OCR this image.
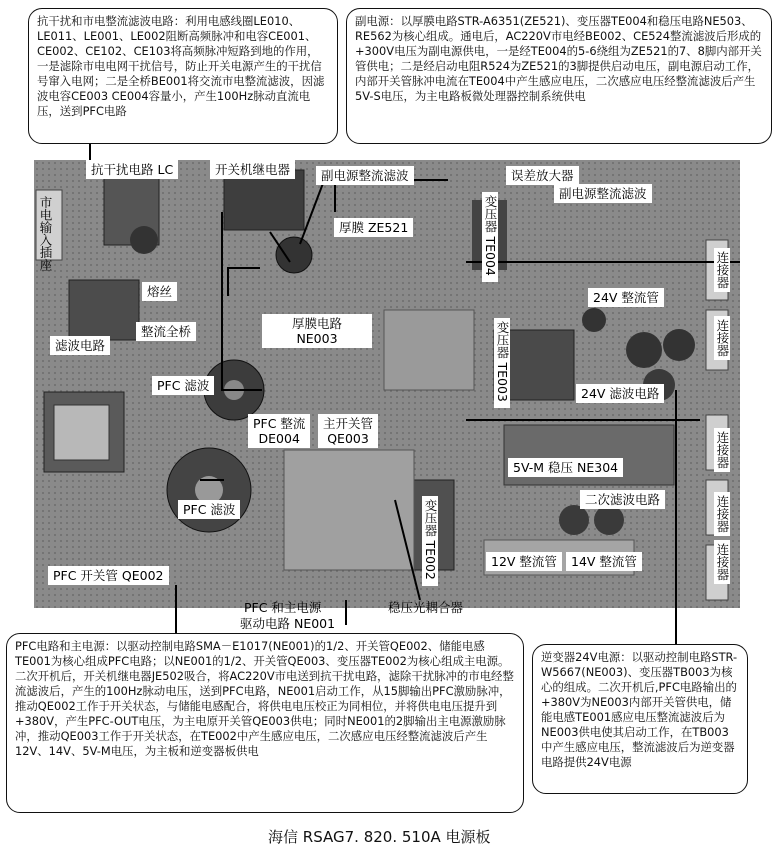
抗干扰和市电整流滤波电路：利用电感线圈LE010、LE011、LE001、LE002阻断高频脉冲和电容CE001、CE002、CE102、CE103将高频脉冲短路到地的作用，一是滤除市电电网干扰信号，防止开关电源产生的干扰信号窜入电网；二是全桥BE001将交流市电整流滤波，因滤波电容CE003 CE004容量小，产生100Hz脉动直流电压，送到PFC电路
副电源：以厚膜电路STR-A6351(ZE521)、变压器TE004和稳压电路NE503、RE562为核心组成。通电后，AC220V市电经BE002、CE524整流滤波后形成的+300V电压为副电源供电，一是经TE004的5-6绕组为ZE521的7、8脚内部开关管供电；二是经启动电阻R524为ZE521的3脚提供启动电压，副电源启动工作，内部开关管脉冲电流在TE004中产生感应电压，二次感应电压经整流滤波后产生5V-S电压，为主电路板微处理器控制系统供电
抗干扰电路 LC	开关机继电器	副电源整流滤波	误差放大器
副电源整流滤波
厚膜 ZE521	变压器 TE004
市电输入插座
熔丝
整流全桥
滤波电路
厚膜电路
NE003	变压器 TE003
PFC 滤波
24V 整流管
24V 滤波电路
连接器
连接器
连接器
连接器
连接器
PFC 整流
DE004
主开关管
QE003
5V-M 稳压 NE304
二次滤波电路
PFC 滤波	变压器 TE002	12V 整流管	14V 整流管
PFC 开关管 QE002
PFC 和主电源	稳压光耦合器
驱动电路 NE001
PFC电路和主电源：以驱动控制电路SMA－E1017(NE001)的1/2、开关管QE002、储能电感TE001为核心组成PFC电路；以NE001的1/2、开关管QE003、变压器TE002为核心组成主电源。二次开机后，开关机继电器JE502吸合，将AC220V市电送到抗干扰电路，滤除干扰脉冲的市电经整流滤波后，产生的100Hz脉动电压，送到PFC电路，NE001启动工作，从15脚输出PFC激励脉冲，推动QE002工作于开关状态，与储能电感配合，将供电电压校正为同相位，并将供电电压提升到+380V，产生PFC-OUT电压，为主电原开关管QE003供电；同时NE001的2脚输出主电源激励脉冲，推动QE003工作于开关状态，在TE002中产生感应电压，二次感应电压经整流滤波后产生12V、14V、5V-M电压，为主板和逆变器板供电
逆变器24V电源：以驱动控制电路STR-W5667(NE003)、变压器TB003为核心的组成。二次开机后,PFC电路输出的+380V为NE003内部开关管供电，储能电感TE001感应电压整流滤波后为NE003供电使其启动工作，在TB003中产生感应电压，整流滤波后为逆变器电路提供24V电源
海信 RSAG7. 820. 510A 电源板
